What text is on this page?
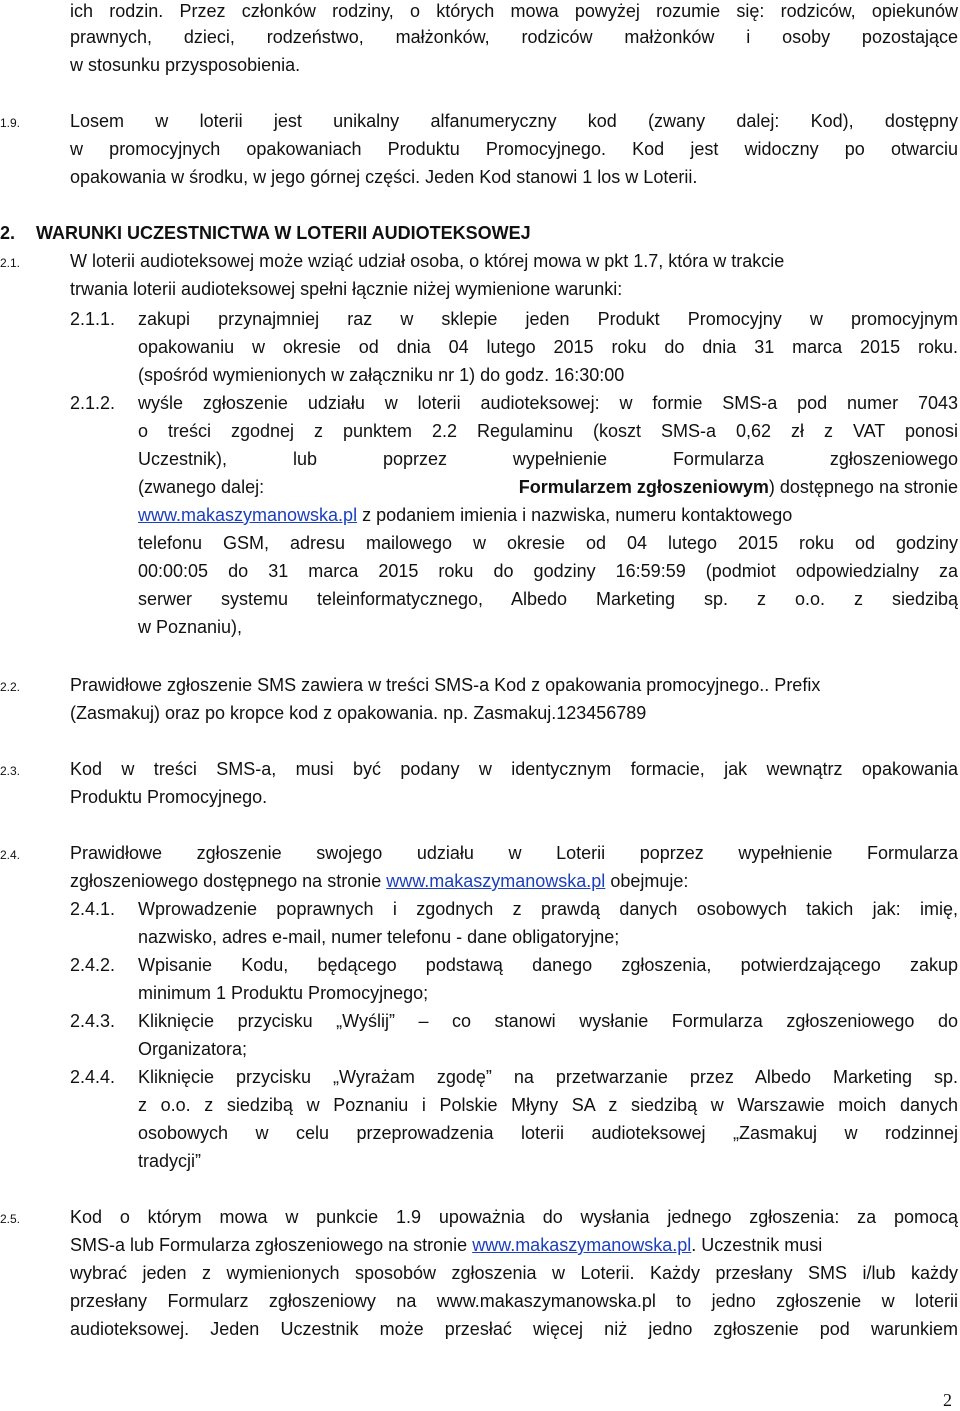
ich rodzin. Przez członków rodziny, o których mowa powyżej rozumie się: rodziców, opiekunów
prawnych, dzieci, rodzeństwo, małżonków, rodziców małżonków i osoby pozostające
w stosunku przysposobienia.
1.9.	Losem w loterii jest unikalny alfanumeryczny kod (zwany dalej: Kod), dostępny
w promocyjnych opakowaniach Produktu Promocyjnego. Kod jest widoczny po otwarciu
opakowania w środku, w jego górnej części. Jeden Kod stanowi 1 los w Loterii.
2. WARUNKI UCZESTNICTWA W LOTERII AUDIOTEKSOWEJ
2.1.	W loterii audioteksowej może wziąć udział osoba, o której mowa w pkt 1.7, która w trakcie
trwania loterii audioteksowej spełni łącznie niżej wymienione warunki:
2.1.1. zakupi przynajmniej raz w sklepie jeden Produkt Promocyjny w promocyjnym
opakowaniu w okresie od dnia 04 lutego 2015 roku do dnia 31 marca 2015 roku.
(spośród wymienionych w załączniku nr 1) do godz. 16:30:00
2.1.2. wyśle zgłoszenie udziału w loterii audioteksowej: w formie SMS-a pod numer 7043
o treści zgodnej z punktem 2.2 Regulaminu (koszt SMS-a 0,62 zł z VAT ponosi
Uczestnik), lub poprzez wypełnienie Formularza zgłoszeniowego
(zwanego dalej:	Formularzem zgłoszeniowym) dostępnego na stronie
www.makaszymanowska.pl z podaniem imienia i nazwiska, numeru kontaktowego
telefonu GSM, adresu mailowego w okresie od 04 lutego 2015 roku od godziny
00:00:05 do 31 marca 2015 roku do godziny 16:59:59 (podmiot odpowiedzialny za
serwer systemu teleinformatycznego, Albedo Marketing sp. z o.o. z siedzibą
w Poznaniu),
2.2.	Prawidłowe zgłoszenie SMS zawiera w treści SMS-a Kod z opakowania promocyjnego.. Prefix
(Zasmakuj) oraz po kropce kod z opakowania. np. Zasmakuj.123456789
2.3.	Kod w treści SMS-a, musi być podany w identycznym formacie, jak wewnątrz opakowania
Produktu Promocyjnego.
2.4.	Prawidłowe zgłoszenie swojego udziału w Loterii poprzez wypełnienie Formularza
zgłoszeniowego dostępnego na stronie www.makaszymanowska.pl obejmuje:
2.4.1. Wprowadzenie poprawnych i zgodnych z prawdą danych osobowych takich jak: imię,
nazwisko, adres e-mail, numer telefonu - dane obligatoryjne;
2.4.2. Wpisanie Kodu, będącego podstawą danego zgłoszenia, potwierdzającego zakup
minimum 1 Produktu Promocyjnego;
2.4.3. Kliknięcie przycisku „Wyślij” – co stanowi wysłanie Formularza zgłoszeniowego do
Organizatora;
2.4.4. Kliknięcie przycisku „Wyrażam zgodę” na przetwarzanie przez Albedo Marketing sp.
z o.o. z siedzibą w Poznaniu i Polskie Młyny SA z siedzibą w Warszawie moich danych
osobowych w celu przeprowadzenia loterii audioteksowej „Zasmakuj w rodzinnej
tradycji”
2.5.	Kod o którym mowa w punkcie 1.9 upoważnia do wysłania jednego zgłoszenia: za pomocą
SMS-a lub Formularza zgłoszeniowego na stronie www.makaszymanowska.pl. Uczestnik musi
wybrać jeden z wymienionych sposobów zgłoszenia w Loterii. Każdy przesłany SMS i/lub każdy
przesłany Formularz zgłoszeniowy na www.makaszymanowska.pl to jedno zgłoszenie w loterii
audioteksowej. Jeden Uczestnik może przesłać więcej niż jedno zgłoszenie pod warunkiem
2
